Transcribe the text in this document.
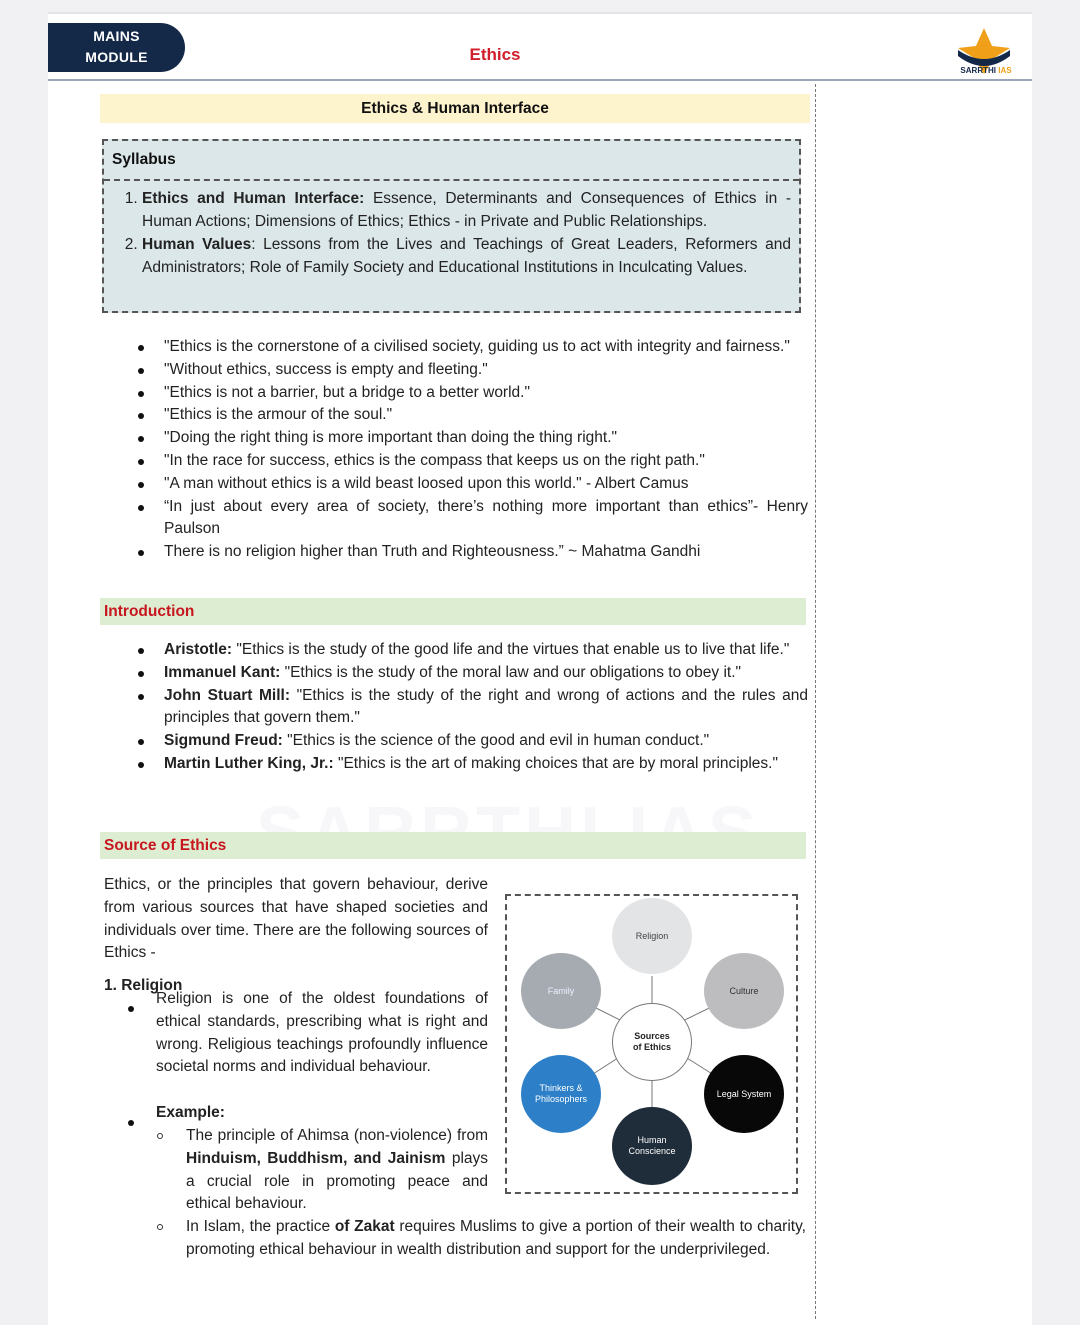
MAINS
MODULE	Ethics
SARRTHI IAS
Ethics & Human Interface
Syllabus
1. Ethics and Human Interface: Essence, Determinants and Consequences of Ethics in - Human Actions; Dimensions of Ethics; Ethics - in Private and Public Relationships.
2. Human Values: Lessons from the Lives and Teachings of Great Leaders, Reformers and Administrators; Role of Family Society and Educational Institutions in Inculcating Values.
"Ethics is the cornerstone of a civilised society, guiding us to act with integrity and fairness."
"Without ethics, success is empty and fleeting."
"Ethics is not a barrier, but a bridge to a better world."
"Ethics is the armour of the soul."
"Doing the right thing is more important than doing the thing right."
"In the race for success, ethics is the compass that keeps us on the right path."
"A man without ethics is a wild beast loosed upon this world." - Albert Camus
“In just about every area of society, there’s nothing more important than ethics”- Henry Paulson
There is no religion higher than Truth and Righteousness.” ~ Mahatma Gandhi
Introduction
Aristotle: "Ethics is the study of the good life and the virtues that enable us to live that life."
Immanuel Kant: "Ethics is the study of the moral law and our obligations to obey it."
John Stuart Mill: "Ethics is the study of the right and wrong of actions and the rules and principles that govern them."
Sigmund Freud: "Ethics is the science of the good and evil in human conduct."
Martin Luther King, Jr.: "Ethics is the art of making choices that are by moral principles."
Source of Ethics
Ethics, or the principles that govern behaviour, derive from various sources that have shaped societies and individuals over time. There are the following sources of Ethics -
1. Religion
Religion is one of the oldest foundations of ethical standards, prescribing what is right and wrong. Religious teachings profoundly influence societal norms and individual behaviour.
Example:
The principle of Ahimsa (non-violence) from Hinduism, Buddhism, and Jainism plays a crucial role in promoting peace and ethical behaviour.
In Islam, the practice of Zakat requires Muslims to give a portion of their wealth to charity, promoting ethical behaviour in wealth distribution and support for the underprivileged.
Religion
Culture
Legal System
Human Conscience
Thinkers & Philosophers
Family
Sources of Ethics
